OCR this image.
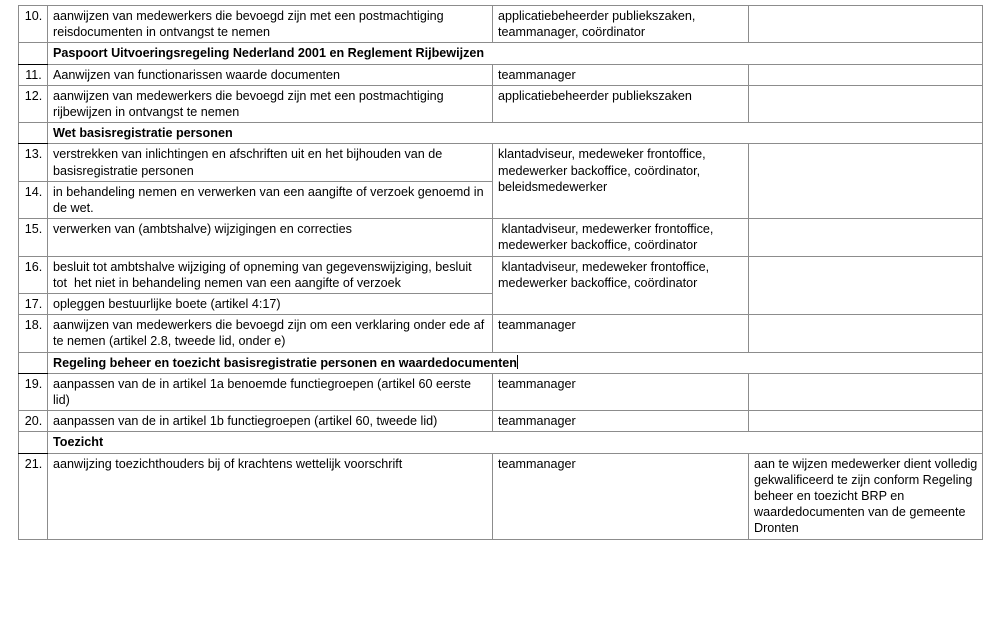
10.	aanwijzen van medewerkers die bevoegd zijn met een postmachtiging reisdocumenten in ontvangst te nemen	applicatiebeheerder publiekszaken, teammanager, coördinator	
	Paspoort Uitvoeringsregeling Nederland 2001 en Reglement Rijbewijzen		
11.	Aanwijzen van functionarissen waarde documenten	teammanager	
12.	aanwijzen van medewerkers die bevoegd zijn met een postmachtiging rijbewijzen in ontvangst te nemen	applicatiebeheerder publiekszaken	
	Wet basisregistratie personen		
13.	verstrekken van inlichtingen en afschriften uit en het bijhouden van de  basisregistratie personen	klantadviseur, medeweker frontoffice, medewerker backoffice, coördinator, beleidsmedewerker	
14.	in behandeling nemen en verwerken van een aangifte of verzoek genoemd in de wet.		
15.	verwerken van (ambtshalve) wijzigingen en correcties	klantadviseur, medewerker frontoffice, medewerker backoffice, coördinator	
16.	besluit tot ambtshalve wijziging of opneming van gegevenswijziging, besluit tot  het niet in behandeling nemen van een aangifte of verzoek	klantadviseur, medeweker frontoffice, medewerker backoffice, coördinator	
17.	opleggen bestuurlijke boete (artikel 4:17)		
18.	aanwijzen van medewerkers die bevoegd zijn om een verklaring onder ede af te nemen (artikel 2.8, tweede lid, onder e)	teammanager	
	Regeling beheer en toezicht basisregistratie personen en waardedocumenten		
19.	aanpassen van de in artikel 1a benoemde functiegroepen (artikel 60 eerste lid)	teammanager	
20.	aanpassen van de in artikel 1b functiegroepen (artikel 60, tweede lid)	teammanager	
	Toezicht		
21.	aanwijzing toezichthouders bij of krachtens wettelijk voorschrift	teammanager	aan te wijzen medewerker dient volledig gekwalificeerd te zijn conform Regeling beheer en toezicht BRP en waardedocumenten van de gemeente Dronten
